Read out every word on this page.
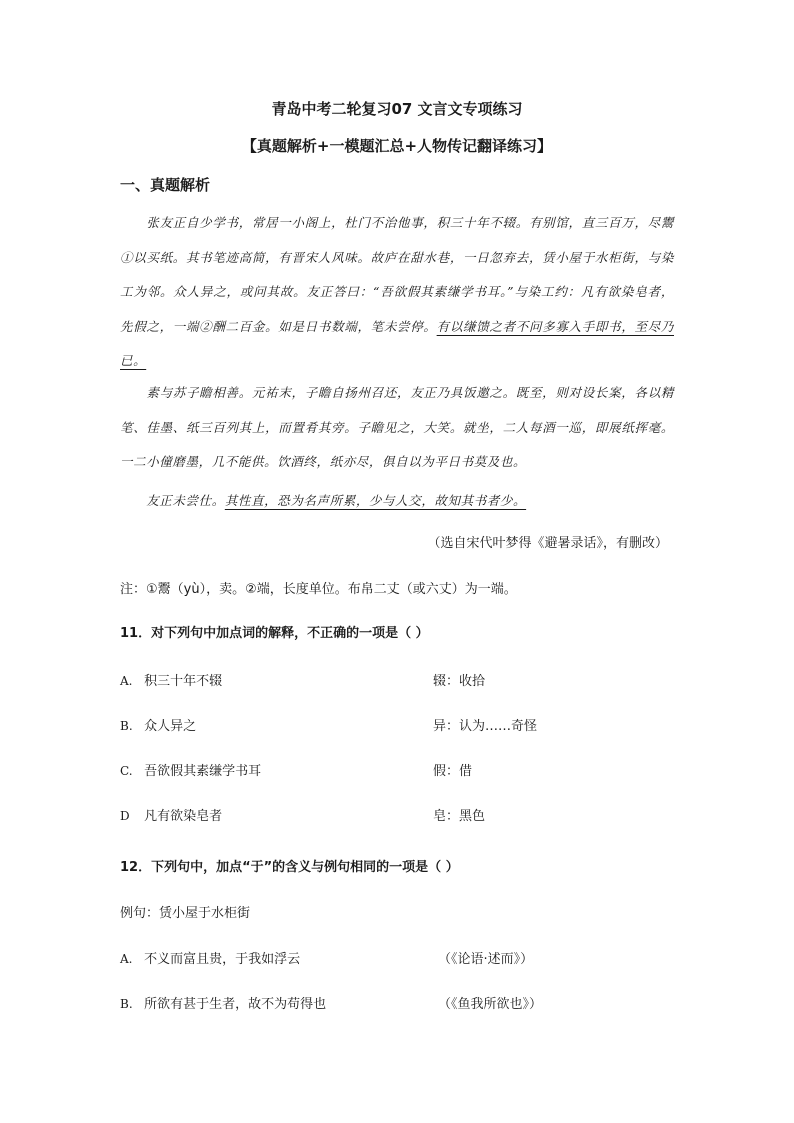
青岛中考二轮复习07 文言文专项练习
【真题解析+一模题汇总+人物传记翻译练习】
一、真题解析
　　张友正自少学书，常居一小阁上，杜门不治他事，积三十年不辍。有别馆，直三百万，尽鬻①以买纸。其书笔迹高简，有晋宋人风味。故庐在甜水巷，一日忽弃去，赁小屋于水柜街，与染工为邻。众人异之，或问其故。友正答曰：“吾欲假其素缣学书耳。”与染工约：凡有欲染皂者，先假之，一端②酬二百金。如是日书数端，笔未尝停。有以缣馈之者不问多寡入手即书，至尽乃已。
　　素与苏子瞻相善。元祐末，子瞻自扬州召还，友正乃具饭邀之。既至，则对设长案，各以精笔、佳墨、纸三百列其上，而置肴其旁。子瞻见之，大笑。就坐，二人每酒一巡，即展纸挥毫。一二小僮磨墨，几不能供。饮酒终，纸亦尽，俱自以为平日书莫及也。
　　友正未尝仕。其性直，恐为名声所累，少与人交，故知其书者少。
（选自宋代叶梦得《避暑录话》，有删改）
注：①鬻（yù），卖。②端，长度单位。布帛二丈（或六丈）为一端。
11．对下列句中加点词的解释，不正确的一项是（ ）
A. 积三十年不辍	辍：收拾
B. 众人异之	异：认为……奇怪
C. 吾欲假其素缣学书耳	假：借
D 凡有欲染皂者	皂：黑色
12．下列句中，加点“于”的含义与例句相同的一项是（ ）
例句：赁小屋于水柜街
A. 不义而富且贵，于我如浮云	（《论语·述而》）
B. 所欲有甚于生者，故不为苟得也	（《鱼我所欲也》）
